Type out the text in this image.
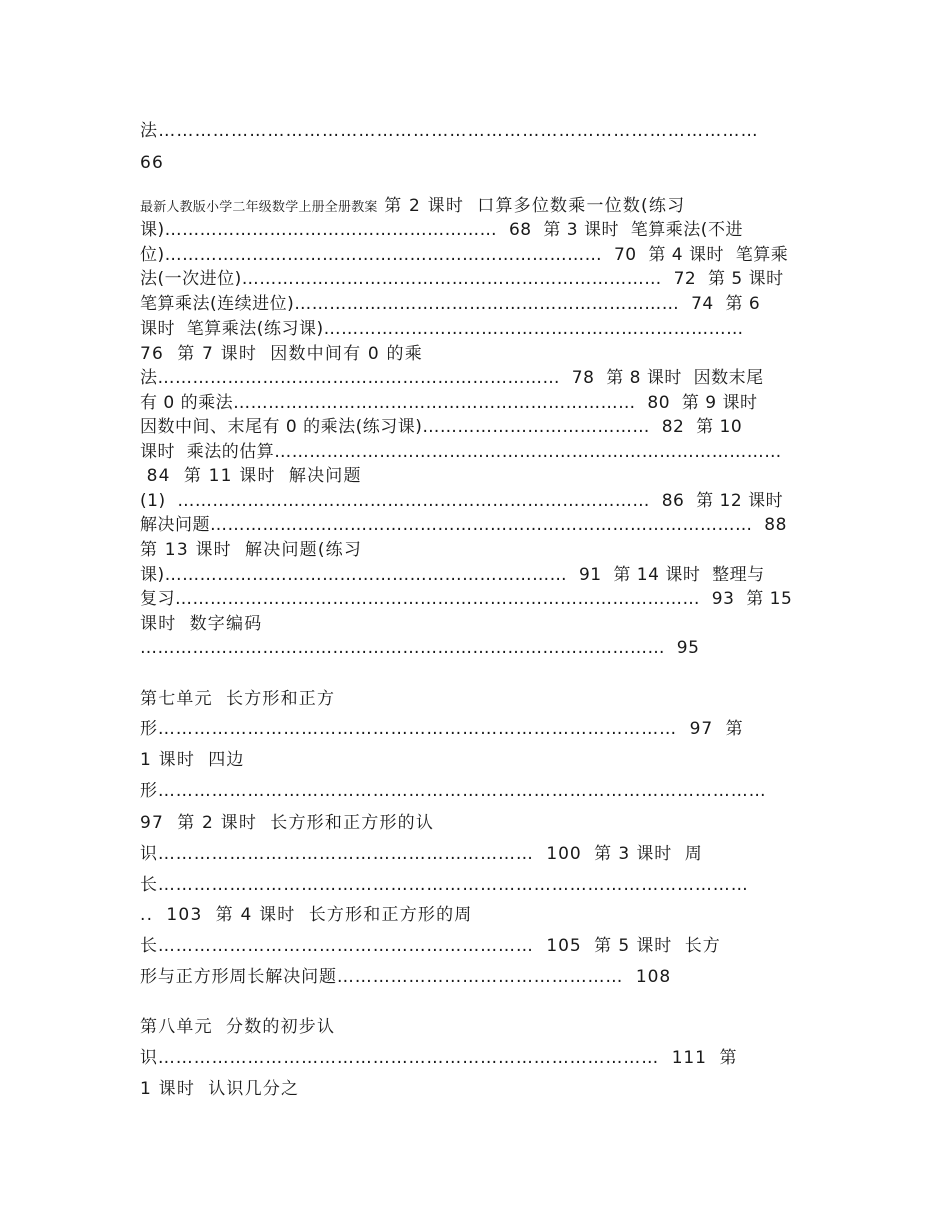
法………………………………………………………………………………………
66
最新人教版小学二年级数学上册全册教案 第 2 课时  口算多位数乘一位数(练习
课)…………………………………………………  68  第 3 课时  笔算乘法(不进
位)…………………………………………………………………  70  第 4 课时  笔算乘
法(一次进位)………………………………………………………………  72  第 5 课时
笔算乘法(连续进位)…………………………………………………………  74  第 6
课时  笔算乘法(练习课)………………………………………………………………
76  第 7 课时  因数中间有 0 的乘
法……………………………………………………………  78  第 8 课时  因数末尾
有 0 的乘法……………………………………………………………  80  第 9 课时
因数中间、末尾有 0 的乘法(练习课)…………………………………  82  第 10
课时  乘法的估算……………………………………………………………………………
84  第 11 课时  解决问题
(1)  ………………………………………………………………………  86  第 12 课时
解决问题…………………………………………………………………………………  88
第 13 课时  解决问题(练习
课)……………………………………………………………  91  第 14 课时  整理与
复习………………………………………………………………………………  93  第 15
课时  数字编码
………………………………………………………………………………  95
第七单元  长方形和正方
形……………………………………………………………………………  97  第
1 课时  四边
形…………………………………………………………………………………………
97  第 2 课时  长方形和正方形的认
识………………………………………………………  100  第 3 课时  周
长………………………………………………………………………………………
..  103  第 4 课时  长方形和正方形的周
长………………………………………………………  105  第 5 课时  长方
形与正方形周长解决问题…………………………………………  108
第八单元  分数的初步认
识…………………………………………………………………………  111  第
1 课时  认识几分之
